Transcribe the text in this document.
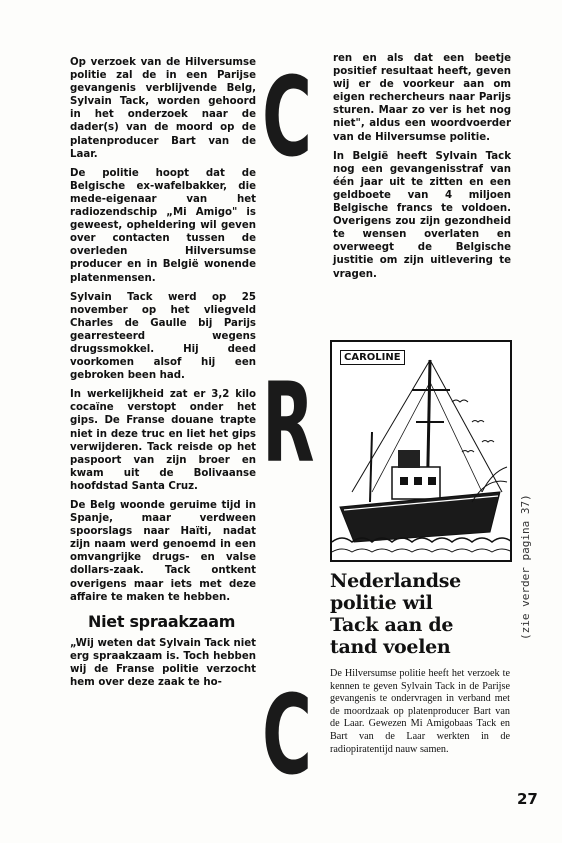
Op verzoek van de Hilversumse politie zal de in een Parijse gevangenis verblijvende Belg, Sylvain Tack, worden gehoord in het onderzoek naar de dader(s) van de moord op de platenproducer Bart van de Laar.

De politie hoopt dat de Belgische ex-wafelbakker, die mede-eigenaar van het radiozendschip „Mi Amigo" is geweest, opheldering wil geven over contacten tussen de overleden Hilversumse producer en in België wonende platenmensen.

Sylvain Tack werd op 25 november op het vliegveld Charles de Gaulle bij Parijs gearresteerd wegens drugssmokkel. Hij deed voorkomen alsof hij een gebroken been had.

In werkelijkheid zat er 3,2 kilo cocaïne verstopt onder het gips. De Franse douane trapte niet in deze truc en liet het gips verwijderen. Tack reisde op het paspoort van zijn broer en kwam uit de Bolivaanse hoofdstad Santa Cruz.

De Belg woonde geruime tijd in Spanje, maar verdween spoorslags naar Haïti, nadat zijn naam werd genoemd in een omvangrijke drugs- en valse dollars-zaak. Tack ontkent overigens maar iets met deze affaire te maken te hebben.

Niet spraakzaam

„Wij weten dat Sylvain Tack niet erg spraakzaam is. Toch hebben wij de Franse politie verzocht hem over deze zaak te ho-

C
R
C

ren en als dat een beetje positief resultaat heeft, geven wij er de voorkeur aan om eigen rechercheurs naar Parijs sturen. Maar zo ver is het nog niet", aldus een woordvoerder van de Hilversumse politie.

In België heeft Sylvain Tack nog een gevangenisstraf van één jaar uit te zitten en een geldboete van 4 miljoen Belgische francs te voldoen. Overigens zou zijn gezondheid te wensen overlaten en overweegt de Belgische justitie om zijn uitlevering te vragen.

CAROLINE
(zie verder pagina 37)
Nederlandse
politie wil
Tack aan de
tand voelen
De Hilversumse politie heeft het verzoek te kennen te geven Sylvain Tack in de Parijse gevangenis te ondervragen in verband met de moordzaak op platenproducer Bart van de Laar. Gewezen Mi Amigobaas Tack en Bart van de Laar werkten in de radiopiratentijd nauw samen.
27
